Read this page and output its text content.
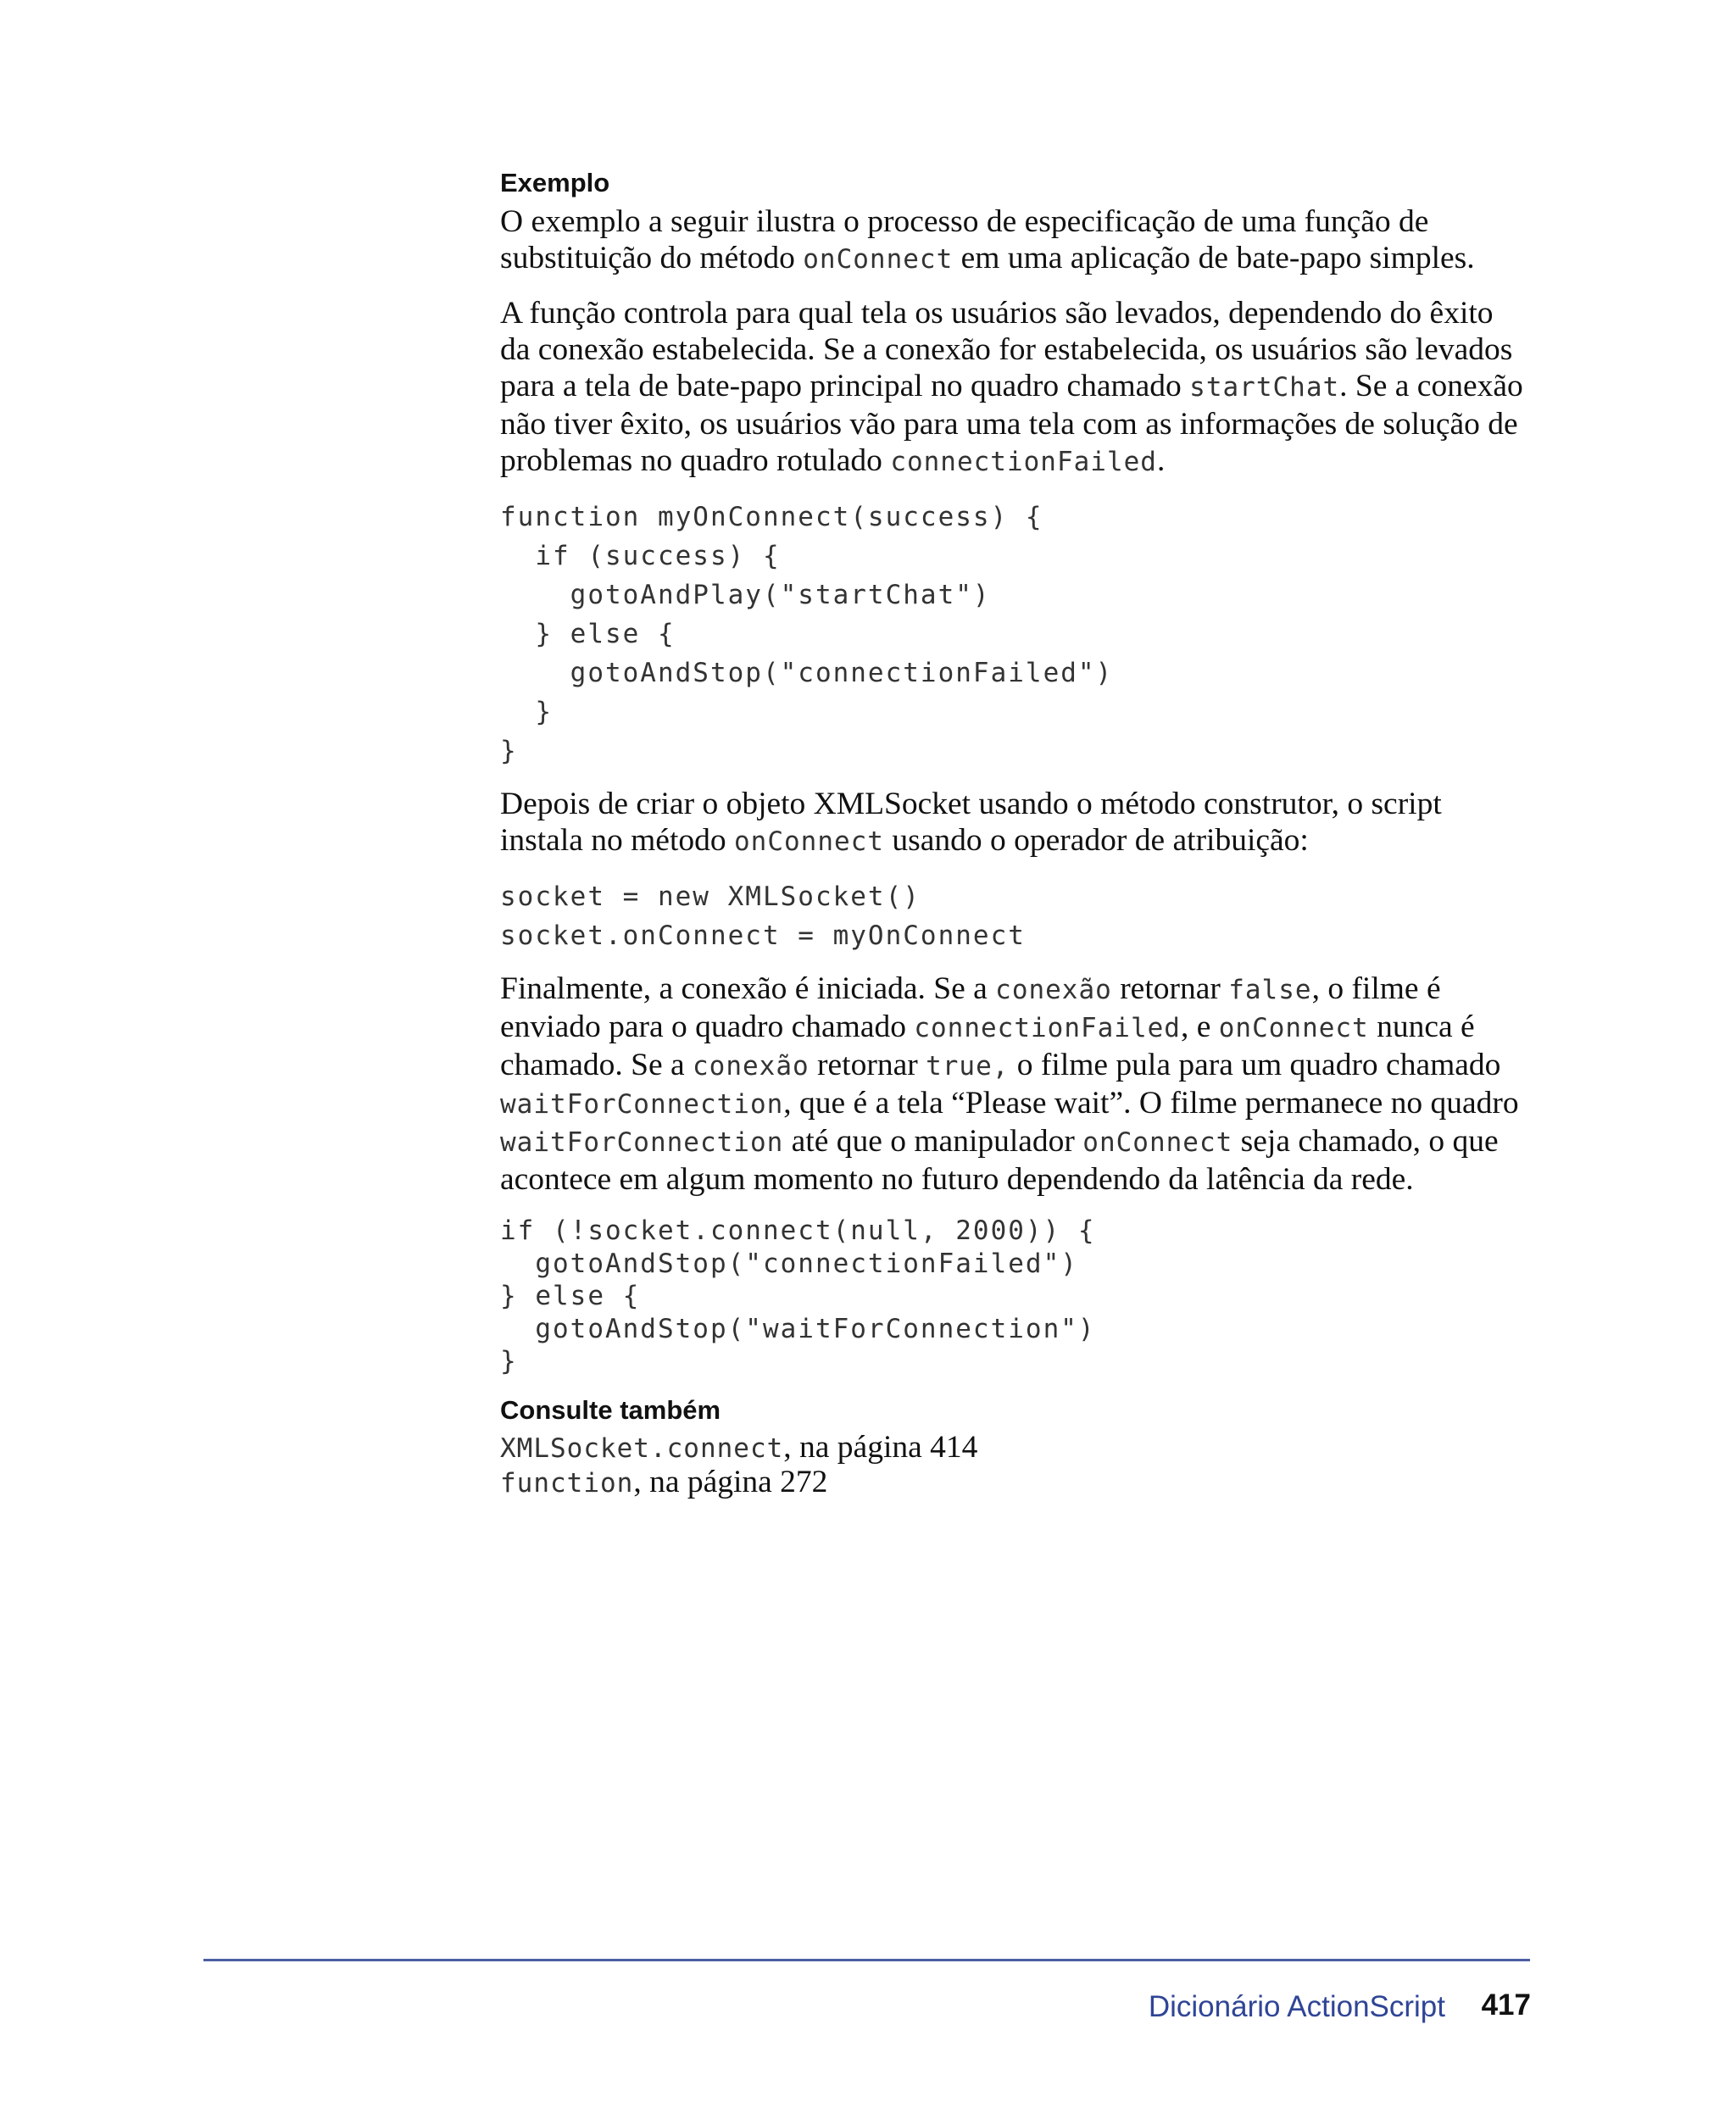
Exemplo

O exemplo a seguir ilustra o processo de especificação de uma função de substituição do método onConnect em uma aplicação de bate-papo simples.

A função controla para qual tela os usuários são levados, dependendo do êxito da conexão estabelecida. Se a conexão for estabelecida, os usuários são levados para a tela de bate-papo principal no quadro chamado startChat. Se a conexão não tiver êxito, os usuários vão para uma tela com as informações de solução de problemas no quadro rotulado connectionFailed.

function myOnConnect(success) {
if (success) {
gotoAndPlay("startChat")
} else {
gotoAndStop("connectionFailed")
}
}

Depois de criar o objeto XMLSocket usando o método construtor, o script instala no método onConnect usando o operador de atribuição:

socket = new XMLSocket()
socket.onConnect = myOnConnect

Finalmente, a conexão é iniciada. Se a conexão retornar false, o filme é enviado para o quadro chamado connectionFailed, e onConnect nunca é chamado. Se a conexão retornar true, o filme pula para um quadro chamado waitForConnection, que é a tela “Please wait”. O filme permanece no quadro waitForConnection até que o manipulador onConnect seja chamado, o que acontece em algum momento no futuro dependendo da latência da rede.

if (!socket.connect(null, 2000)) {
gotoAndStop("connectionFailed")
} else {
gotoAndStop("waitForConnection")
}
Consulte também
XMLSocket.connect, na página 414
function, na página 272
Dicionário ActionScript 417
